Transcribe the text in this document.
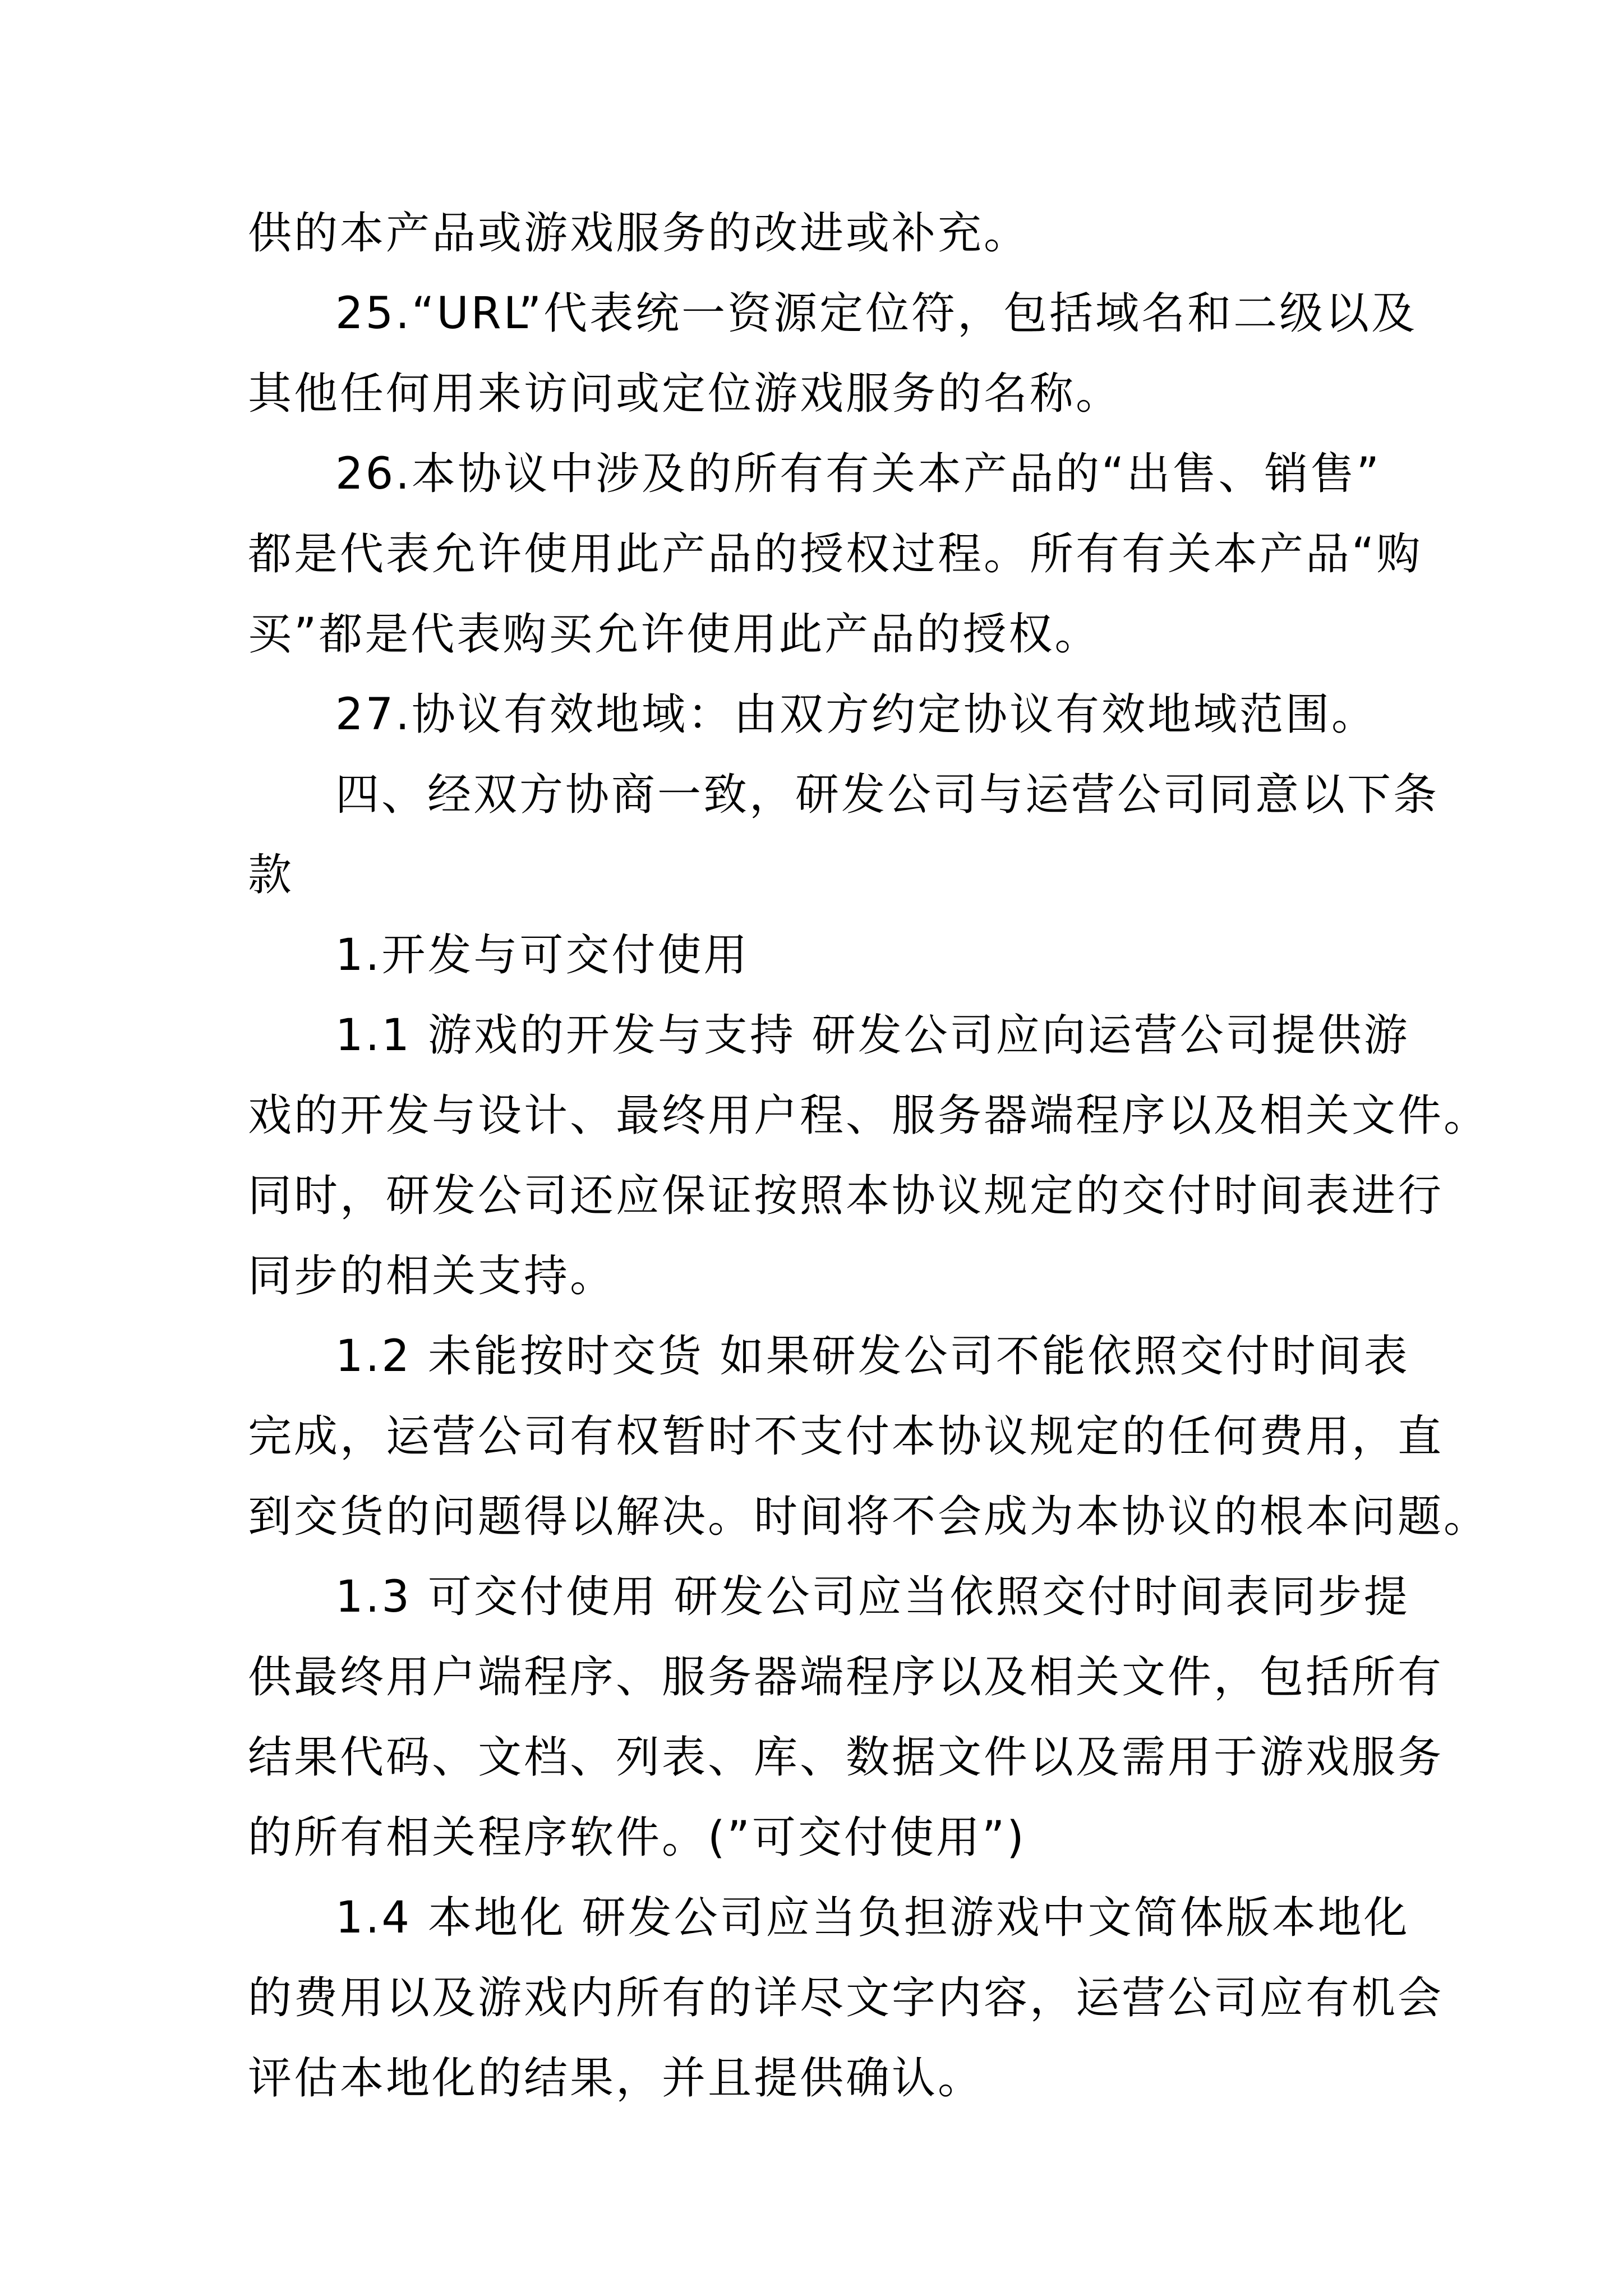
供的本产品或游戏服务的改进或补充。
25.“URL”代表统一资源定位符，包括域名和二级以及
其他任何用来访问或定位游戏服务的名称。
26.本协议中涉及的所有有关本产品的“出售、销售”
都是代表允许使用此产品的授权过程。所有有关本产品“购
买”都是代表购买允许使用此产品的授权。
27.协议有效地域：由双方约定协议有效地域范围。
四、经双方协商一致，研发公司与运营公司同意以下条
款
1.开发与可交付使用
1.1 游戏的开发与支持 研发公司应向运营公司提供游
戏的开发与设计、最终用户程、服务器端程序以及相关文件。
同时，研发公司还应保证按照本协议规定的交付时间表进行
同步的相关支持。
1.2 未能按时交货 如果研发公司不能依照交付时间表
完成，运营公司有权暂时不支付本协议规定的任何费用，直
到交货的问题得以解决。时间将不会成为本协议的根本问题。
1.3 可交付使用 研发公司应当依照交付时间表同步提
供最终用户端程序、服务器端程序以及相关文件，包括所有
结果代码、文档、列表、库、数据文件以及需用于游戏服务
的所有相关程序软件。(”可交付使用”)
1.4 本地化 研发公司应当负担游戏中文简体版本地化
的费用以及游戏内所有的详尽文字内容，运营公司应有机会
评估本地化的结果，并且提供确认。
